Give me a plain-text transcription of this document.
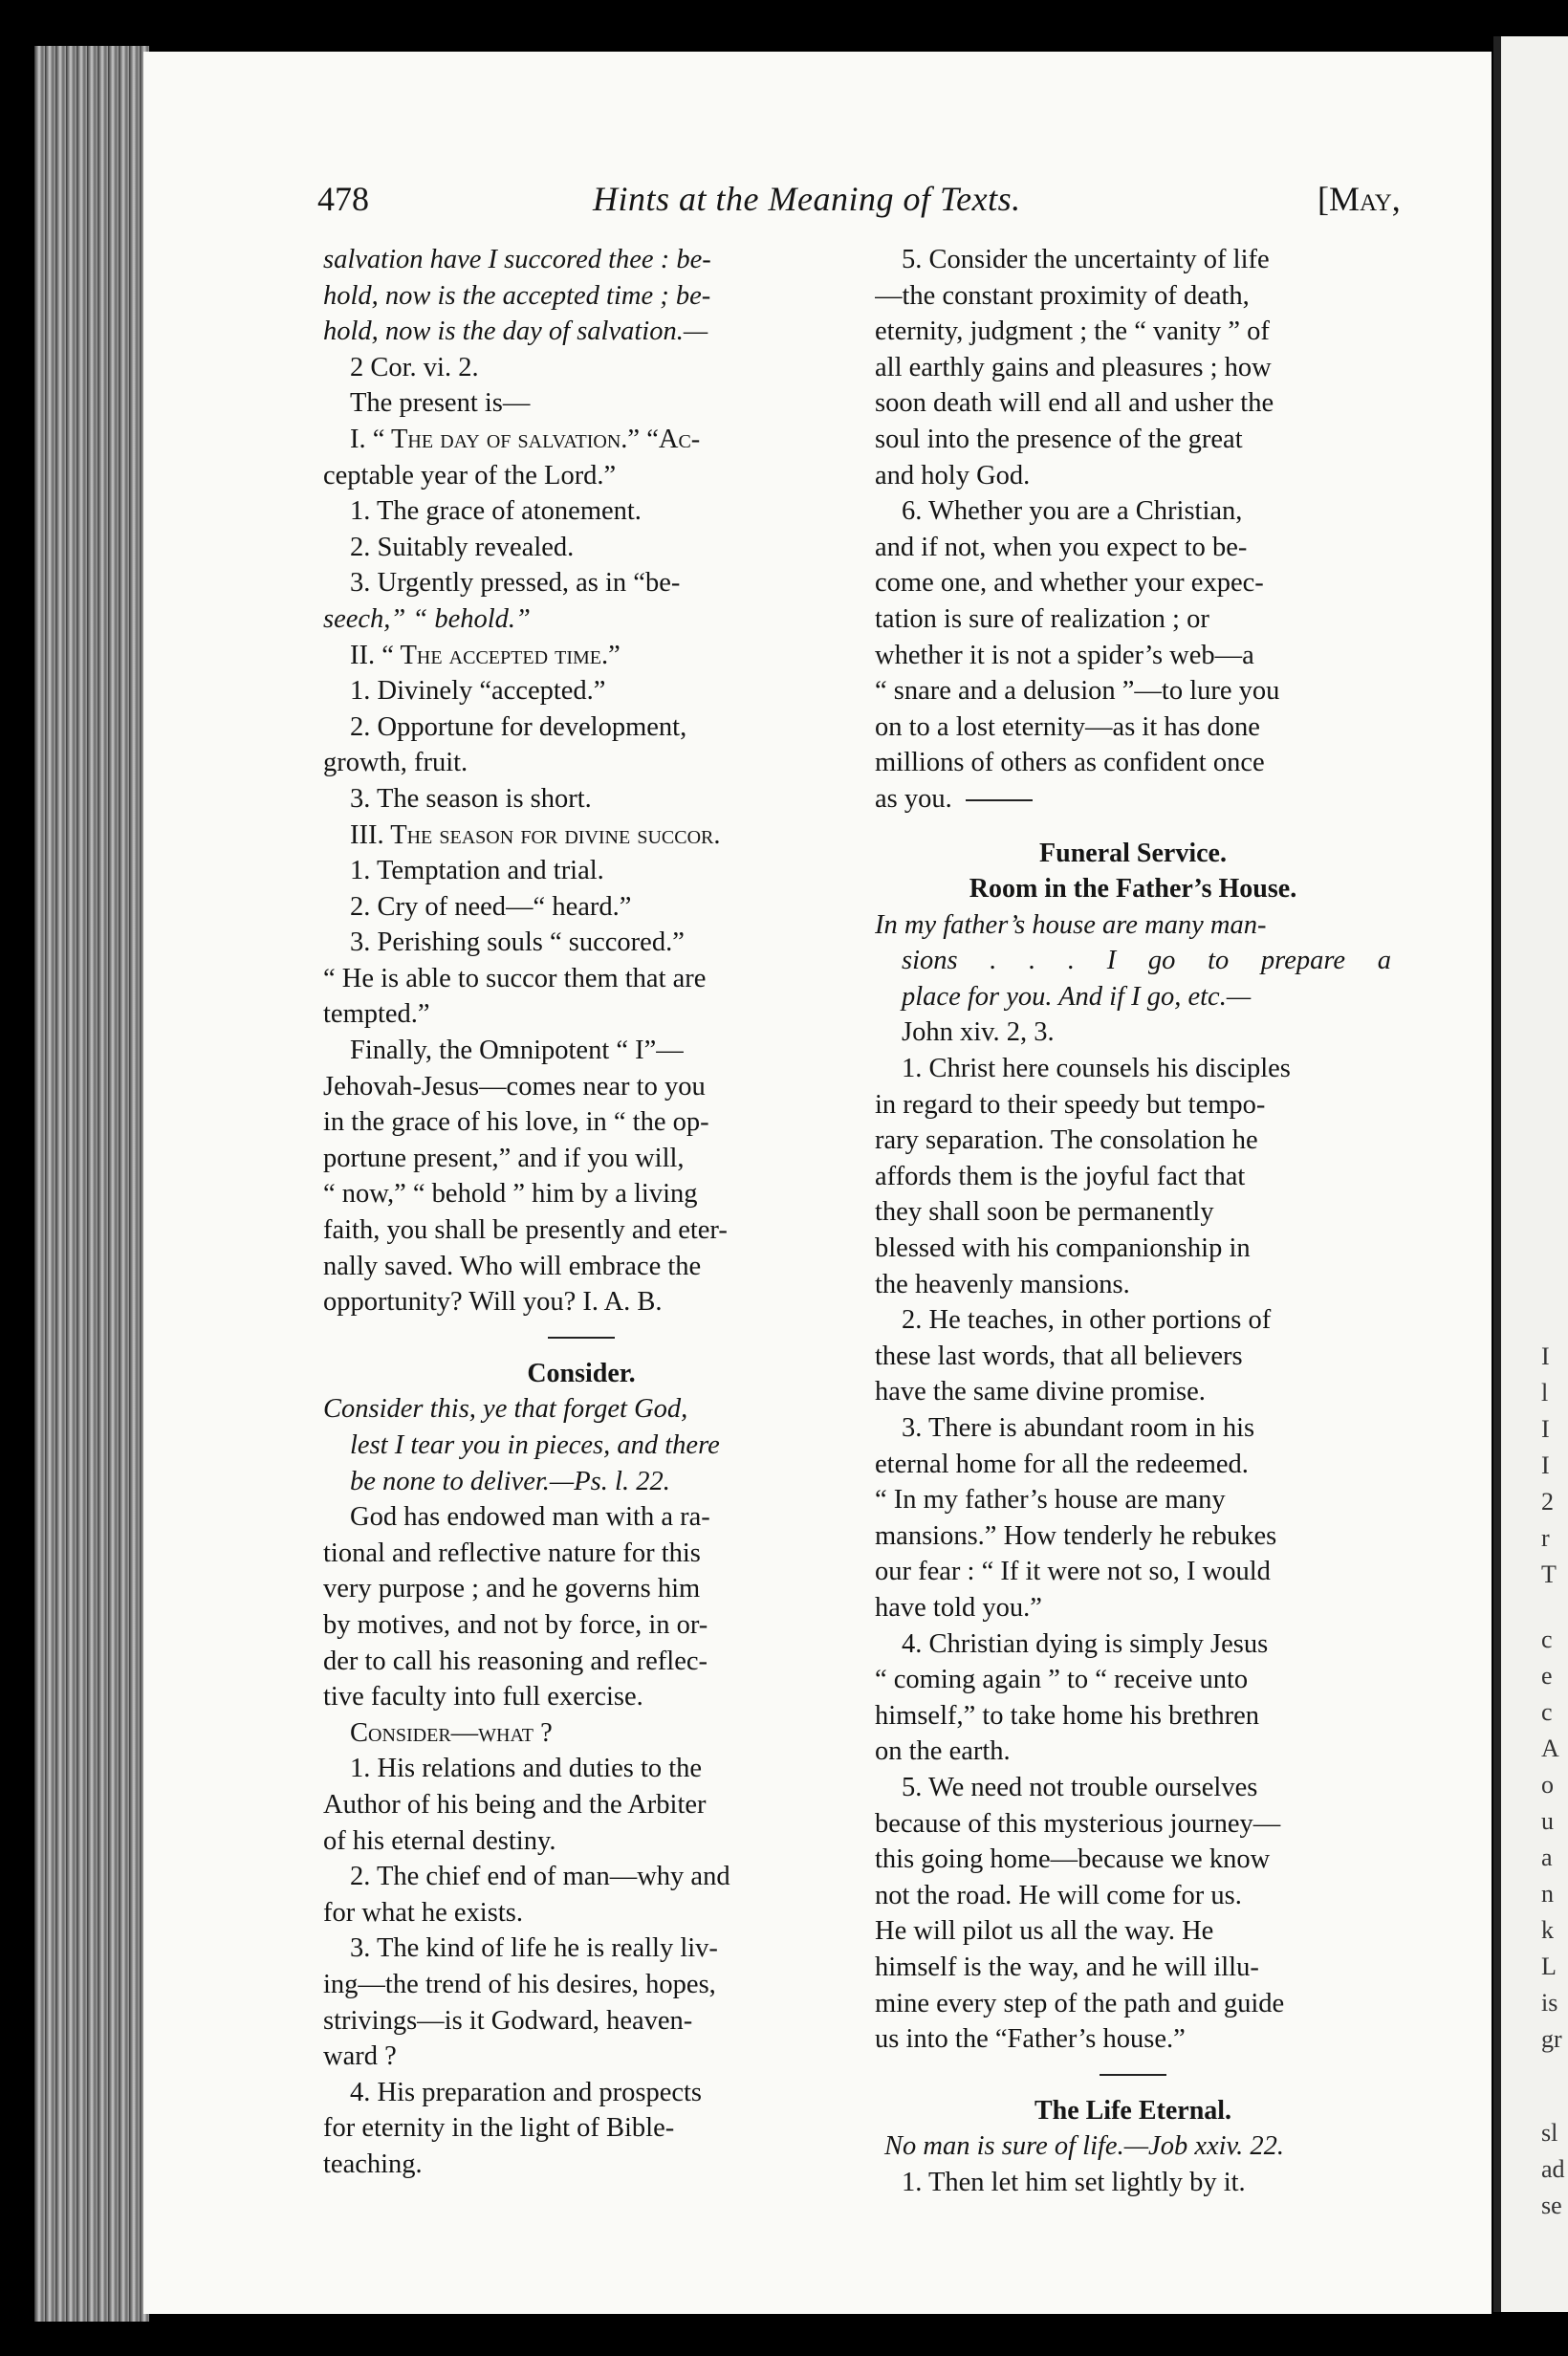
I
l
I
I
2
r
T
c
e
c
A
o
u
a
n
k
L
is
gr
sl
ad
se
478	Hints at the Meaning of Texts.	[May,

salvation have I succored thee : be-

hold, now is the accepted time ; be-

hold, now is the day of salvation.—

2 Cor. vi. 2.

The present is—

I. “ The day of salvation.” “Ac-

ceptable year of the Lord.”

1. The grace of atonement.

2. Suitably revealed.

3. Urgently pressed, as in “be-

seech,” “ behold.”

II. “ The accepted time.”

1. Divinely “accepted.”

2. Opportune for development,

growth, fruit.

3. The season is short.

III. The season for divine succor.

1. Temptation and trial.

2. Cry of need—“ heard.”

3. Perishing souls “ succored.”

“ He is able to succor them that are

tempted.”

Finally, the Omnipotent “ I”—

Jehovah-Jesus—comes near to you

in the grace of his love, in “ the op-

portune present,” and if you will,

“ now,” “ behold ” him by a living

faith, you shall be presently and eter-

nally saved. Who will embrace the

opportunity? Will you? I. A. B.

Consider.

Consider this, ye that forget God,

lest I tear you in pieces, and there

be none to deliver.—Ps. l. 22.

God has endowed man with a ra-

tional and reflective nature for this

very purpose ; and he governs him

by motives, and not by force, in or-

der to call his reasoning and reflec-

tive faculty into full exercise.

Consider—what ?

1. His relations and duties to the

Author of his being and the Arbiter

of his eternal destiny.

2. The chief end of man—why and

for what he exists.

3. The kind of life he is really liv-

ing—the trend of his desires, hopes,

strivings—is it Godward, heaven-

ward ?

4. His preparation and prospects

for eternity in the light of Bible-

teaching.

5. Consider the uncertainty of life

—the constant proximity of death,

eternity, judgment ; the “ vanity ” of

all earthly gains and pleasures ; how

soon death will end all and usher the

soul into the presence of the great

and holy God.

6. Whether you are a Christian,

and if not, when you expect to be-

come one, and whether your expec-

tation is sure of realization ; or

whether it is not a spider’s web—a

“ snare and a delusion ”—to lure you

on to a lost eternity—as it has done

millions of others as confident once

as you.

Funeral Service.

Room in the Father’s House.

In my father’s house are many man-

sions . . . I go to prepare a

place for you. And if I go, etc.—

John xiv. 2, 3.

1. Christ here counsels his disciples

in regard to their speedy but tempo-

rary separation. The consolation he

affords them is the joyful fact that

they shall soon be permanently

blessed with his companionship in

the heavenly mansions.

2. He teaches, in other portions of

these last words, that all believers

have the same divine promise.

3. There is abundant room in his

eternal home for all the redeemed.

“ In my father’s house are many

mansions.” How tenderly he rebukes

our fear : “ If it were not so, I would

have told you.”

4. Christian dying is simply Jesus

“ coming again ” to “ receive unto

himself,” to take home his brethren

on the earth.

5. We need not trouble ourselves

because of this mysterious journey—

this going home—because we know

not the road. He will come for us.

He will pilot us all the way. He

himself is the way, and he will illu-

mine every step of the path and guide

us into the “Father’s house.”

The Life Eternal.

No man is sure of life.—Job xxiv. 22.

1. Then let him set lightly by it.
